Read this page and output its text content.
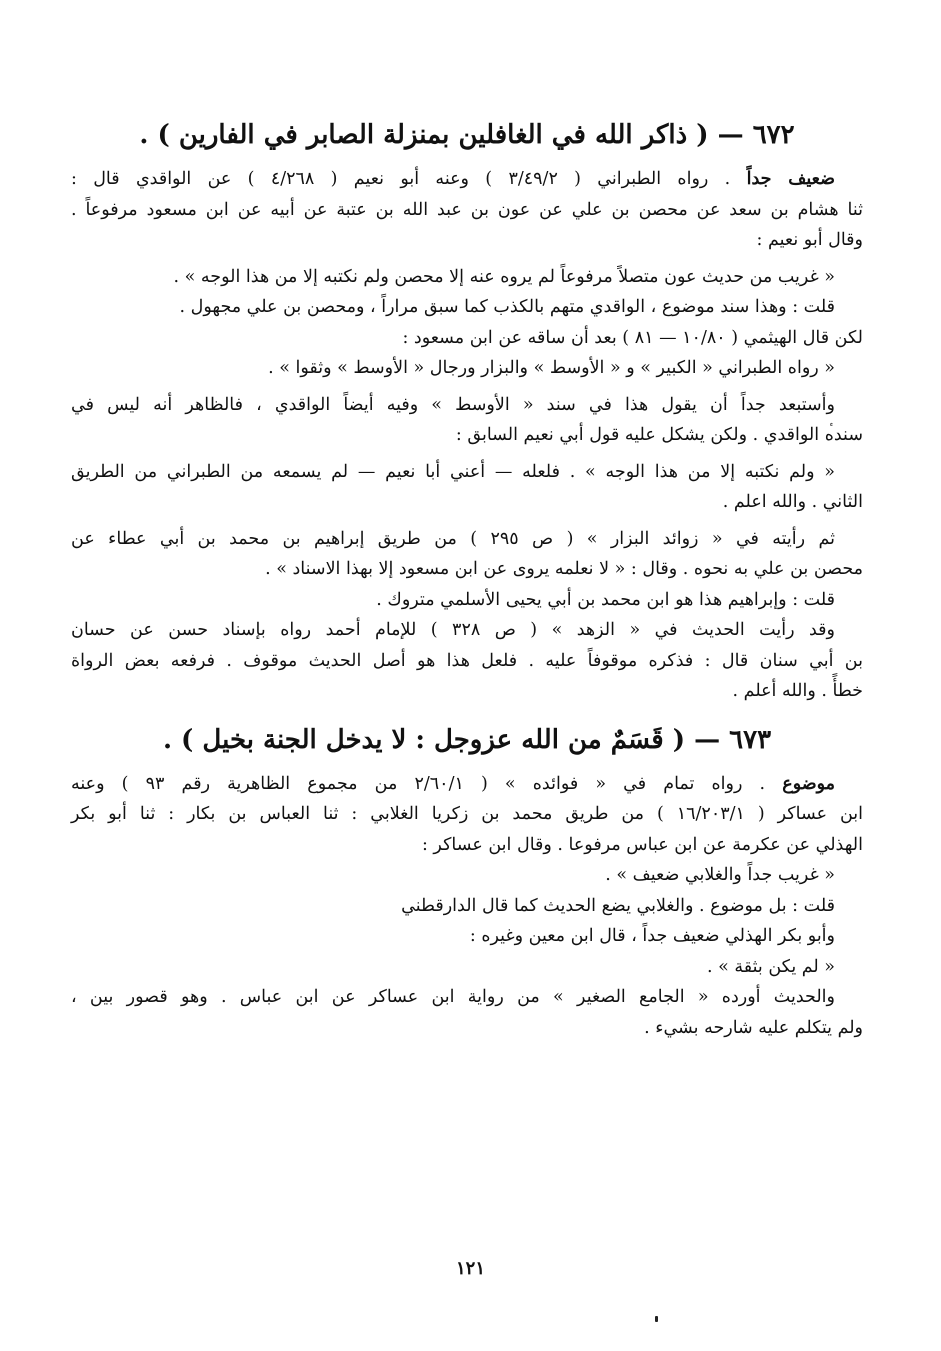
٦٧٢ — ( ذاكر الله في الغافلين بمنزلة الصابر في الفارين ) .
ضعيف جداً . رواه الطبراني ( ٣/٤٩/٢ ) وعنه أبو نعيم ( ٤/٢٦٨ ) عن الواقدي قال :
ثنا هشام بن سعد عن محصن بن علي عن عون بن عبد الله بن عتبة عن أبيه عن ابن مسعود مرفوعاً .
وقال أبو نعيم :
« غريب من حديث عون متصلاً مرفوعاً لم يروه عنه إلا محصن ولم نكتبه إلا من هذا الوجه » .
قلت : وهذا سند موضوع ، الواقدي متهم بالكذب كما سبق مراراً ، ومحصن بن علي مجهول .
لكن قال الهيثمي ( ١٠/٨٠ — ٨١ ) بعد أن ساقه عن ابن مسعود :
« رواه الطبراني « الكبير » و « الأوسط » والبزار ورجال « الأوسط » وثقوا » .
وأستبعد جداً أن يقول هذا في سند « الأوسط » وفيه أيضاً الواقدي ، فالظاهر أنه ليس في
سنده الواقدي . ولكن يشكل عليه قول أبي نعيم السابق :
« ولم نكتبه إلا من هذا الوجه » . فلعله — أعني أبا نعيم — لم يسمعه من الطبراني من الطريق
الثاني . والله اعلم .
ثم رأيته في « زوائد البزار » ( ص ٢٩٥ ) من طريق إبراهيم بن محمد بن أبي عطاء عن
محصن بن علي به نحوه . وقال : « لا نعلمه يروى عن ابن مسعود إلا بهذا الاسناد » .
قلت : وإبراهيم هذا هو ابن محمد بن أبي يحيى الأسلمي متروك .
وقد رأيت الحديث في « الزهد » ( ص ٣٢٨ ) للإمام أحمد رواه بإسناد حسن عن حسان
بن أبي سنان قال : فذكره موقوفاً عليه . فلعل هذا هو أصل الحديث موقوف . فرفعه بعض الرواة
خطأً . والله أعلم .
٦٧٣ — ( قَسَمٌ من الله عزوجل : لا يدخل الجنة بخيل ) .
موضوع . رواه تمام في « فوائده » ( ٢/٦٠/١ من مجموع الظاهرية رقم ٩٣ ) وعنه
ابن عساكر ( ١٦/٢٠٣/١ ) من طريق محمد بن زكريا الغلابي : ثنا العباس بن بكار : ثنا أبو بكر
الهذلي عن عكرمة عن ابن عباس مرفوعا . وقال ابن عساكر :
« غريب جداً والغلابي ضعيف » .
قلت : بل موضوع . والغلابي يضع الحديث كما قال الدارقطني
وأبو بكر الهذلي ضعيف جداً ، قال ابن معين وغيره :
« لم يكن بثقة » .
والحديث أورده « الجامع الصغير » من رواية ابن عساكر عن ابن عباس . وهو قصور بين ،
ولم يتكلم عليه شارحه بشيء .
١٢١
